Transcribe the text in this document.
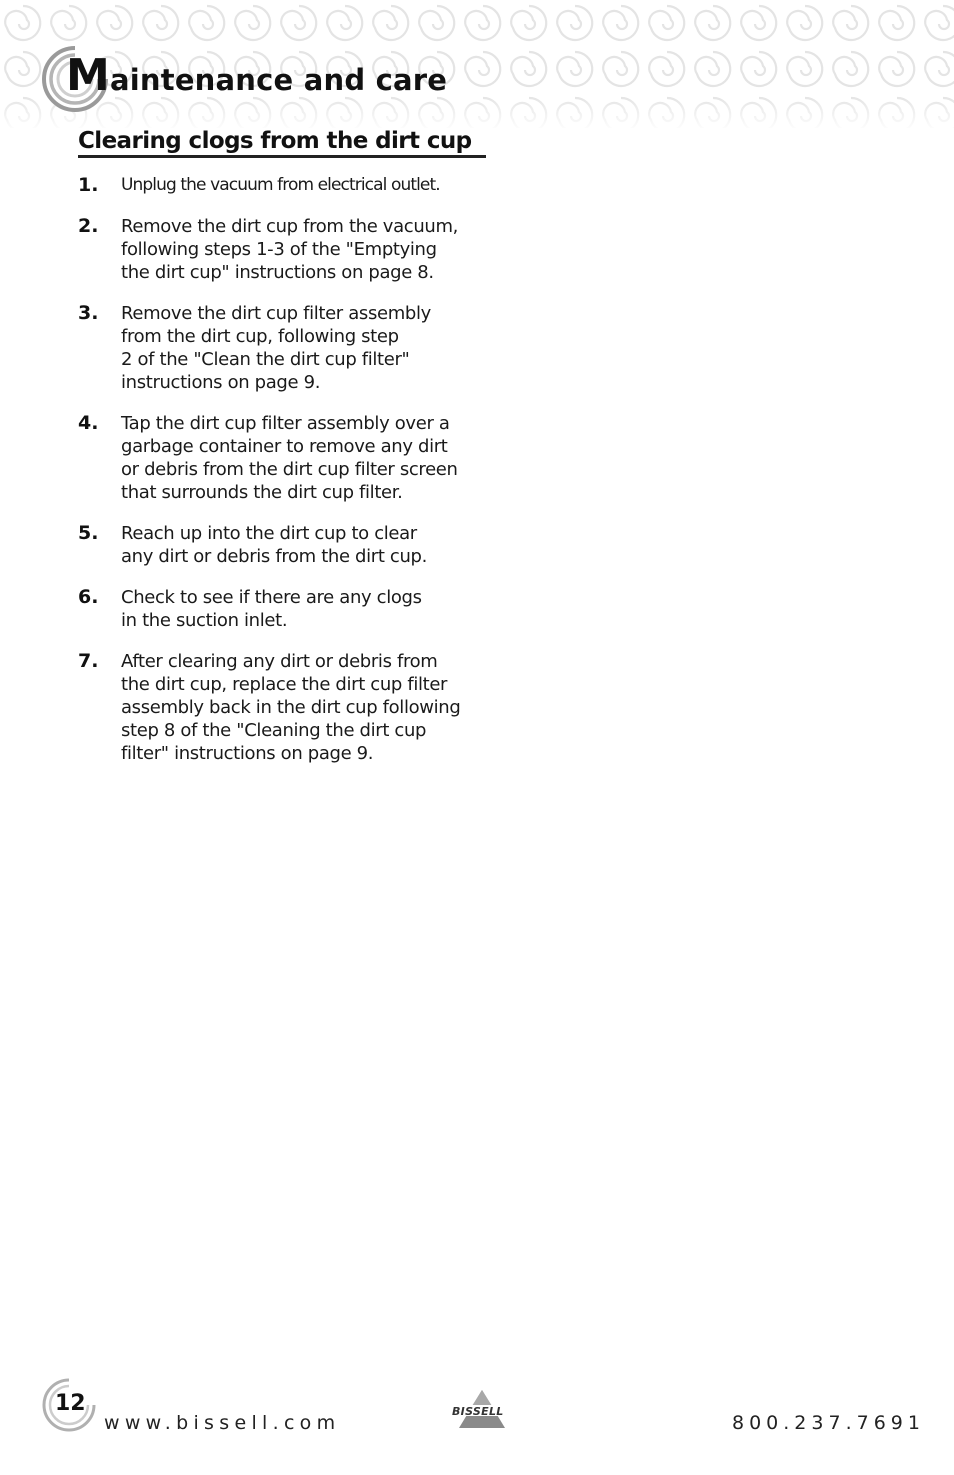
Maintenance and care
Clearing clogs from the dirt cup
1. Unplug the vacuum from electrical outlet.
2. Remove the dirt cup from the vacuum,
following steps 1-3 of the "Emptying
the dirt cup" instructions on page 8.
3. Remove the dirt cup filter assembly
from the dirt cup, following step
2 of the "Clean the dirt cup filter"
instructions on page 9.
4. Tap the dirt cup filter assembly over a
garbage container to remove any dirt
or debris from the dirt cup filter screen
that surrounds the dirt cup filter.
5. Reach up into the dirt cup to clear
any dirt or debris from the dirt cup.
6. Check to see if there are any clogs
in the suction inlet.
7. After clearing any dirt or debris from
the dirt cup, replace the dirt cup filter
assembly back in the dirt cup following
step 8 of the "Cleaning the dirt cup
filter" instructions on page 9.
12
www.bissell.com
BISSELL
800.237.7691
